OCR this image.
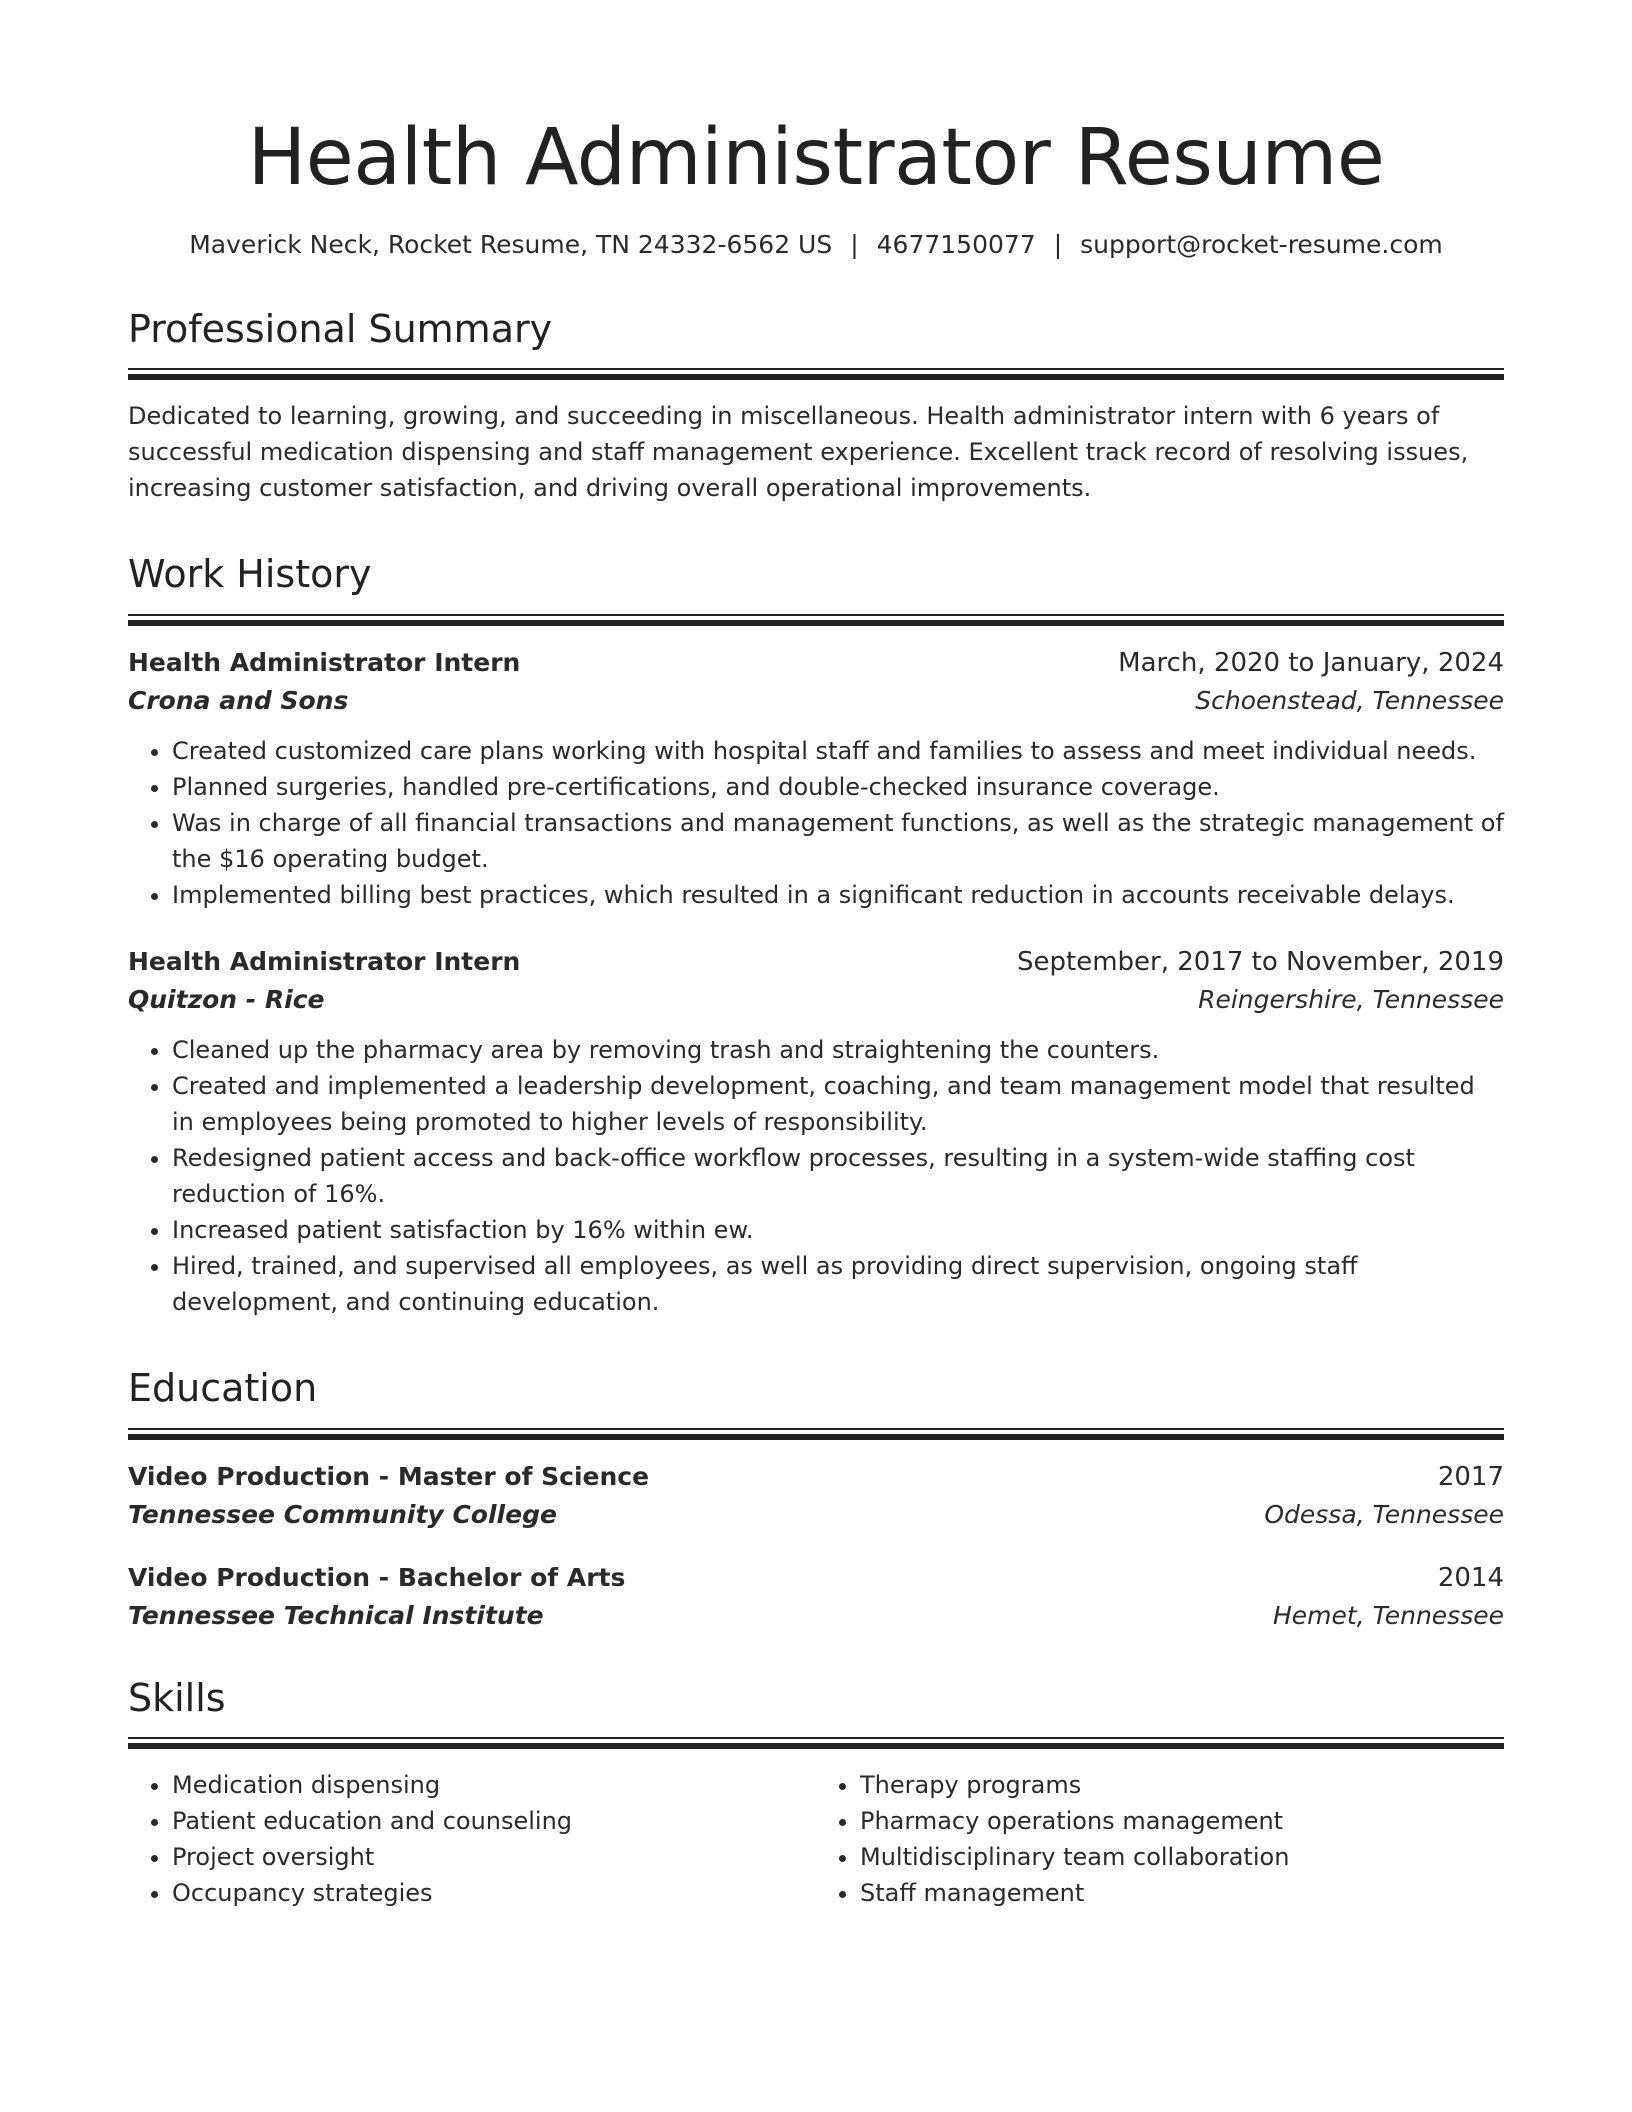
Health Administrator Resume
Maverick Neck, Rocket Resume, TN 24332-6562 US | 4677150077 | support@rocket-resume.com
Professional Summary
Dedicated to learning, growing, and succeeding in miscellaneous. Health administrator intern with 6 years of successful medication dispensing and staff management experience. Excellent track record of resolving issues, increasing customer satisfaction, and driving overall operational improvements.
Work History
Health Administrator Intern	March, 2020 to January, 2024
Crona and Sons	Schoenstead, Tennessee
• Created customized care plans working with hospital staff and families to assess and meet individual needs.
• Planned surgeries, handled pre-certifications, and double-checked insurance coverage.
• Was in charge of all financial transactions and management functions, as well as the strategic management of the $16 operating budget.
• Implemented billing best practices, which resulted in a significant reduction in accounts receivable delays.
Health Administrator Intern	September, 2017 to November, 2019
Quitzon - Rice	Reingershire, Tennessee
• Cleaned up the pharmacy area by removing trash and straightening the counters.
• Created and implemented a leadership development, coaching, and team management model that resulted in employees being promoted to higher levels of responsibility.
• Redesigned patient access and back-office workflow processes, resulting in a system-wide staffing cost reduction of 16%.
• Increased patient satisfaction by 16% within ew.
• Hired, trained, and supervised all employees, as well as providing direct supervision, ongoing staff development, and continuing education.
Education
Video Production - Master of Science	2017
Tennessee Community College	Odessa, Tennessee
Video Production - Bachelor of Arts	2014
Tennessee Technical Institute	Hemet, Tennessee
Skills
• Medication dispensing
• Patient education and counseling
• Project oversight
• Occupancy strategies
• Therapy programs
• Pharmacy operations management
• Multidisciplinary team collaboration
• Staff management
